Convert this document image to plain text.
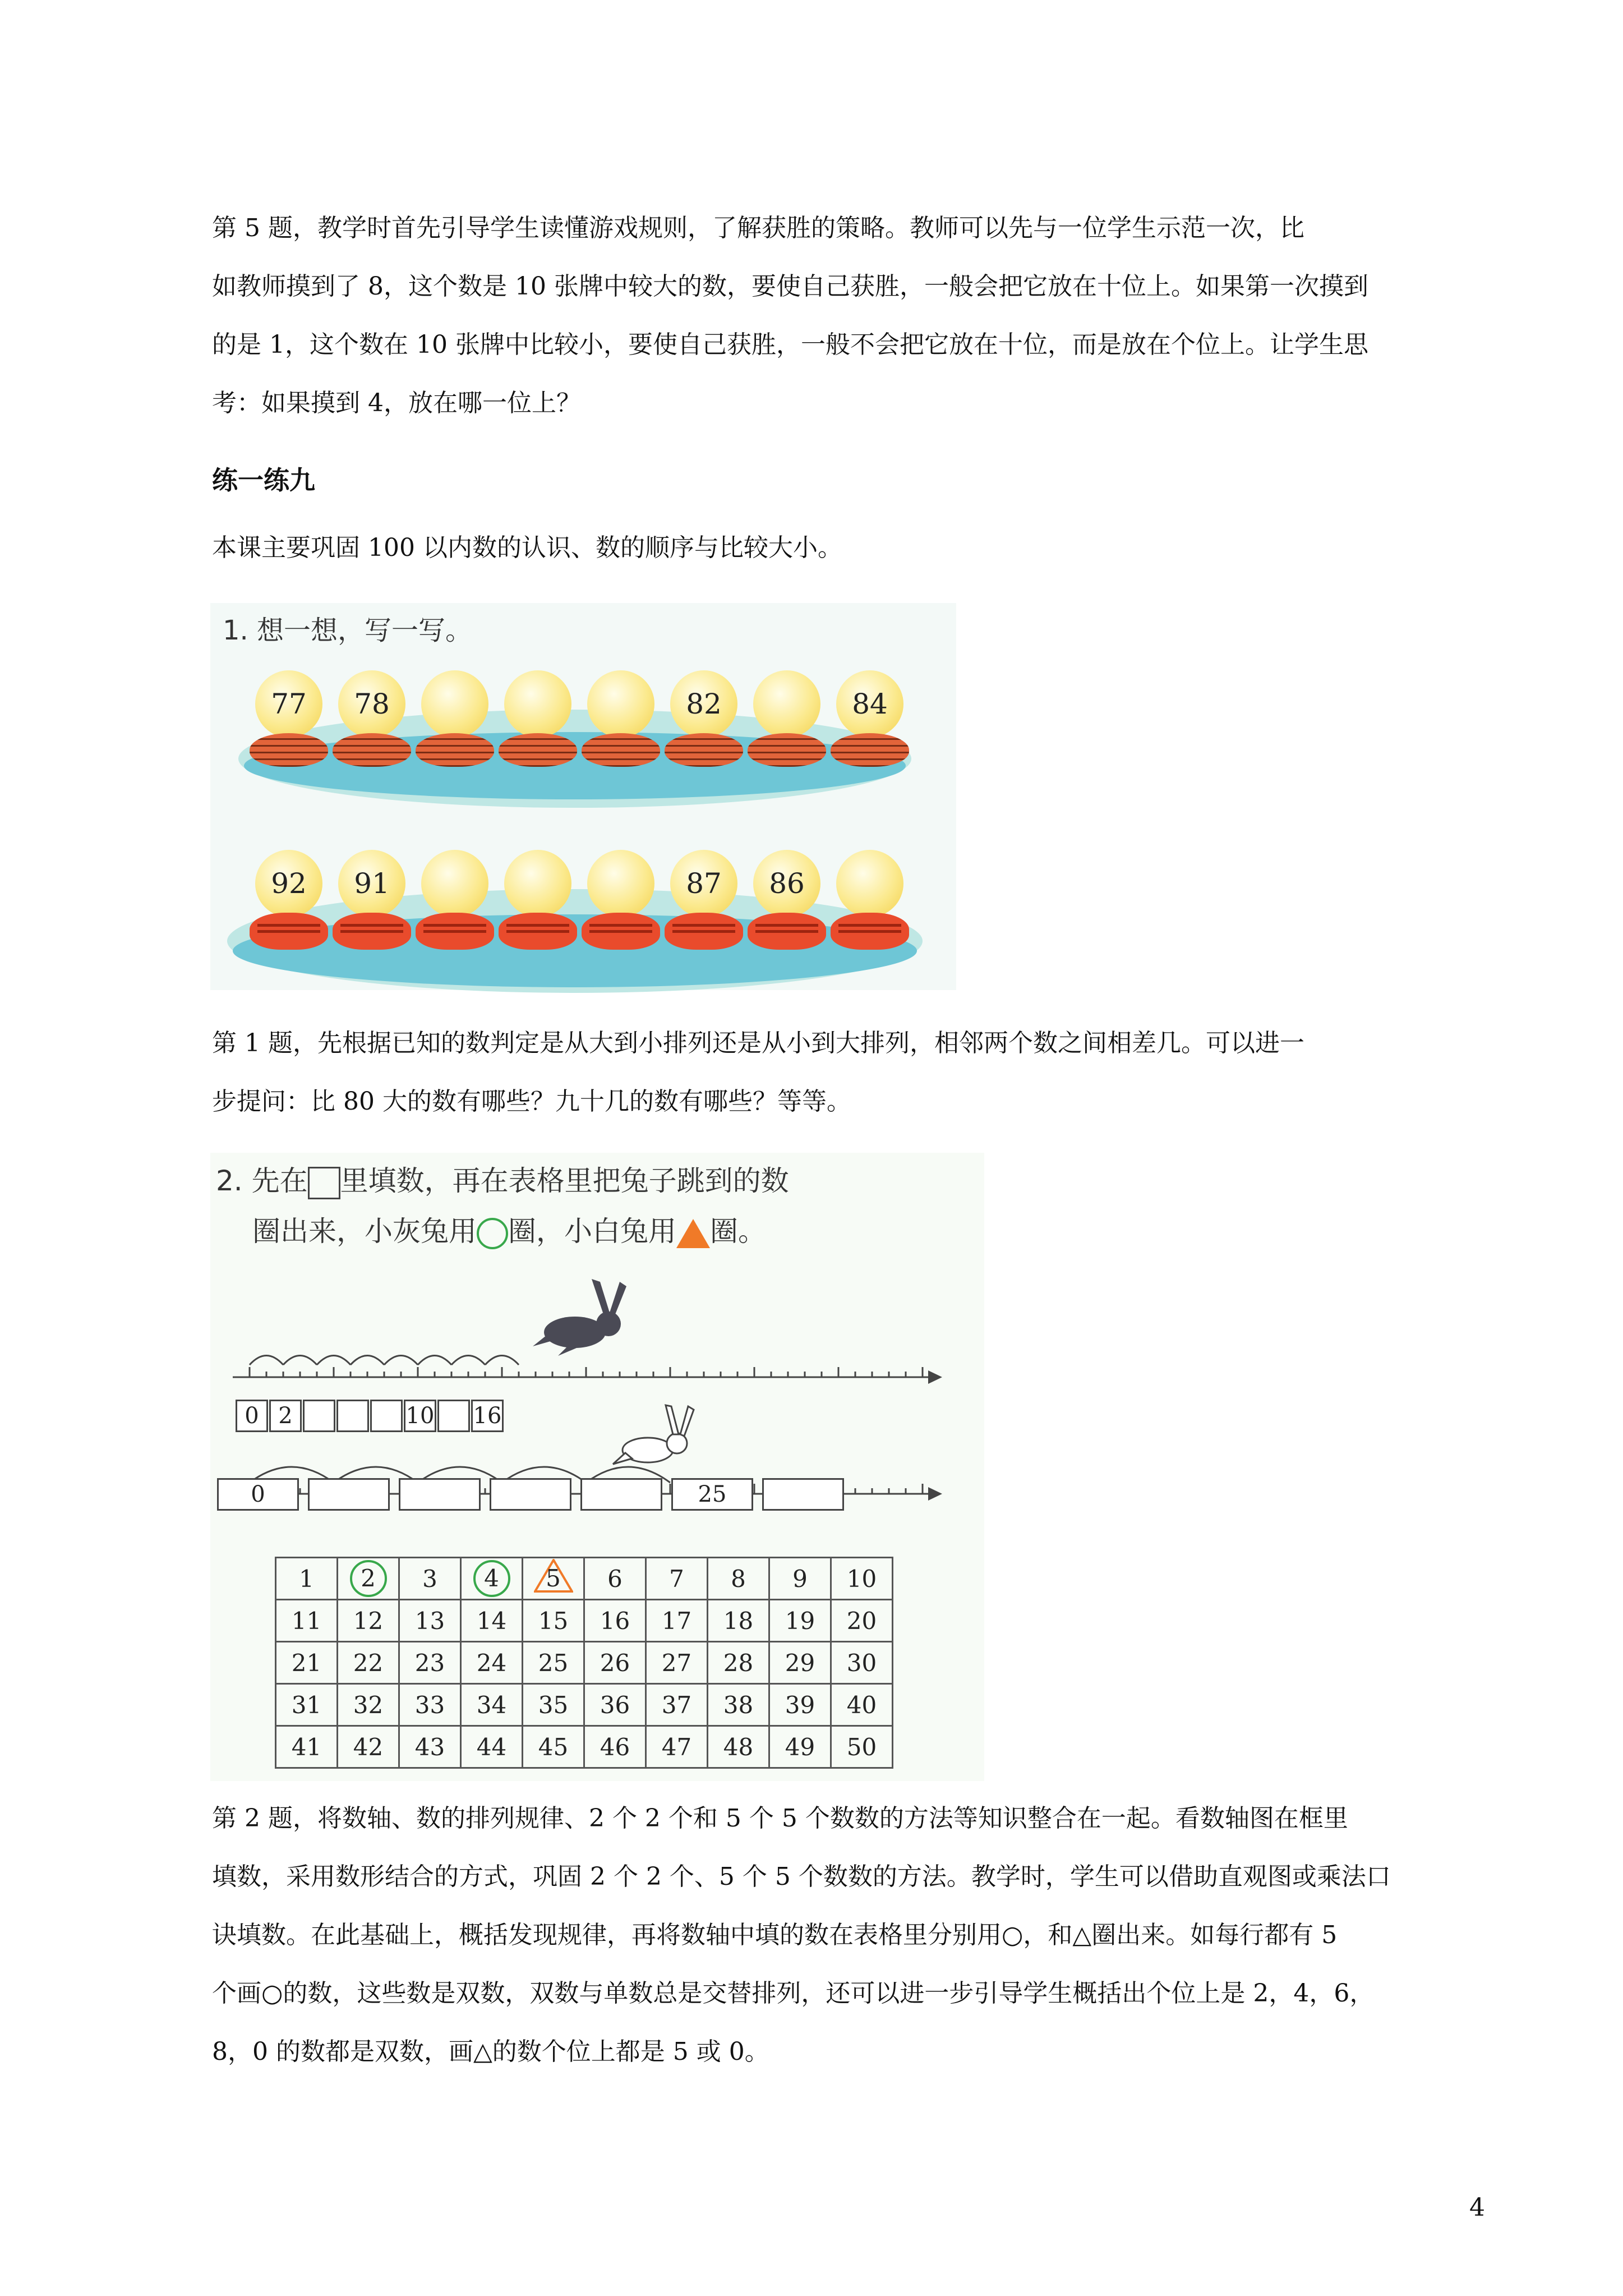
第 5 题，教学时首先引导学生读懂游戏规则，了解获胜的策略。教师可以先与一位学生示范一次，比
如教师摸到了 8，这个数是 10 张牌中较大的数，要使自己获胜，一般会把它放在十位上。如果第一次摸到
的是 1，这个数在 10 张牌中比较小，要使自己获胜，一般不会把它放在十位，而是放在个位上。让学生思
考：如果摸到 4，放在哪一位上？
练一练九
本课主要巩固 100 以内数的认识、数的顺序与比较大小。
1. 想一想，写一写。
77	78	82	84
92	91	87	86
第 1 题，先根据已知的数判定是从大到小排列还是从小到大排列，相邻两个数之间相差几。可以进一
步提问：比 80 大的数有哪些？九十几的数有哪些？等等。
2. 先在 里填数，再在表格里把兔子跳到的数
圈出来，小灰兔用 圈，小白兔用 圈。
0 2	10 16
0	25
1	2	3	4	5	6	7	8	9	10
11	12	13	14	15	16	17	18	19	20
21	22	23	24	25	26	27	28	29	30
31	32	33	34	35	36	37	38	39	40
41	42	43	44	45	46	47	48	49	50
第 2 题，将数轴、数的排列规律、2 个 2 个和 5 个 5 个数数的方法等知识整合在一起。看数轴图在框里
填数，采用数形结合的方式，巩固 2 个 2 个、5 个 5 个数数的方法。教学时，学生可以借助直观图或乘法口
诀填数。在此基础上，概括发现规律，再将数轴中填的数在表格里分别用○，和△圈出来。如每行都有 5
个画○的数，这些数是双数，双数与单数总是交替排列，还可以进一步引导学生概括出个位上是 2，4，6，
8，0 的数都是双数，画△的数个位上都是 5 或 0。
4
